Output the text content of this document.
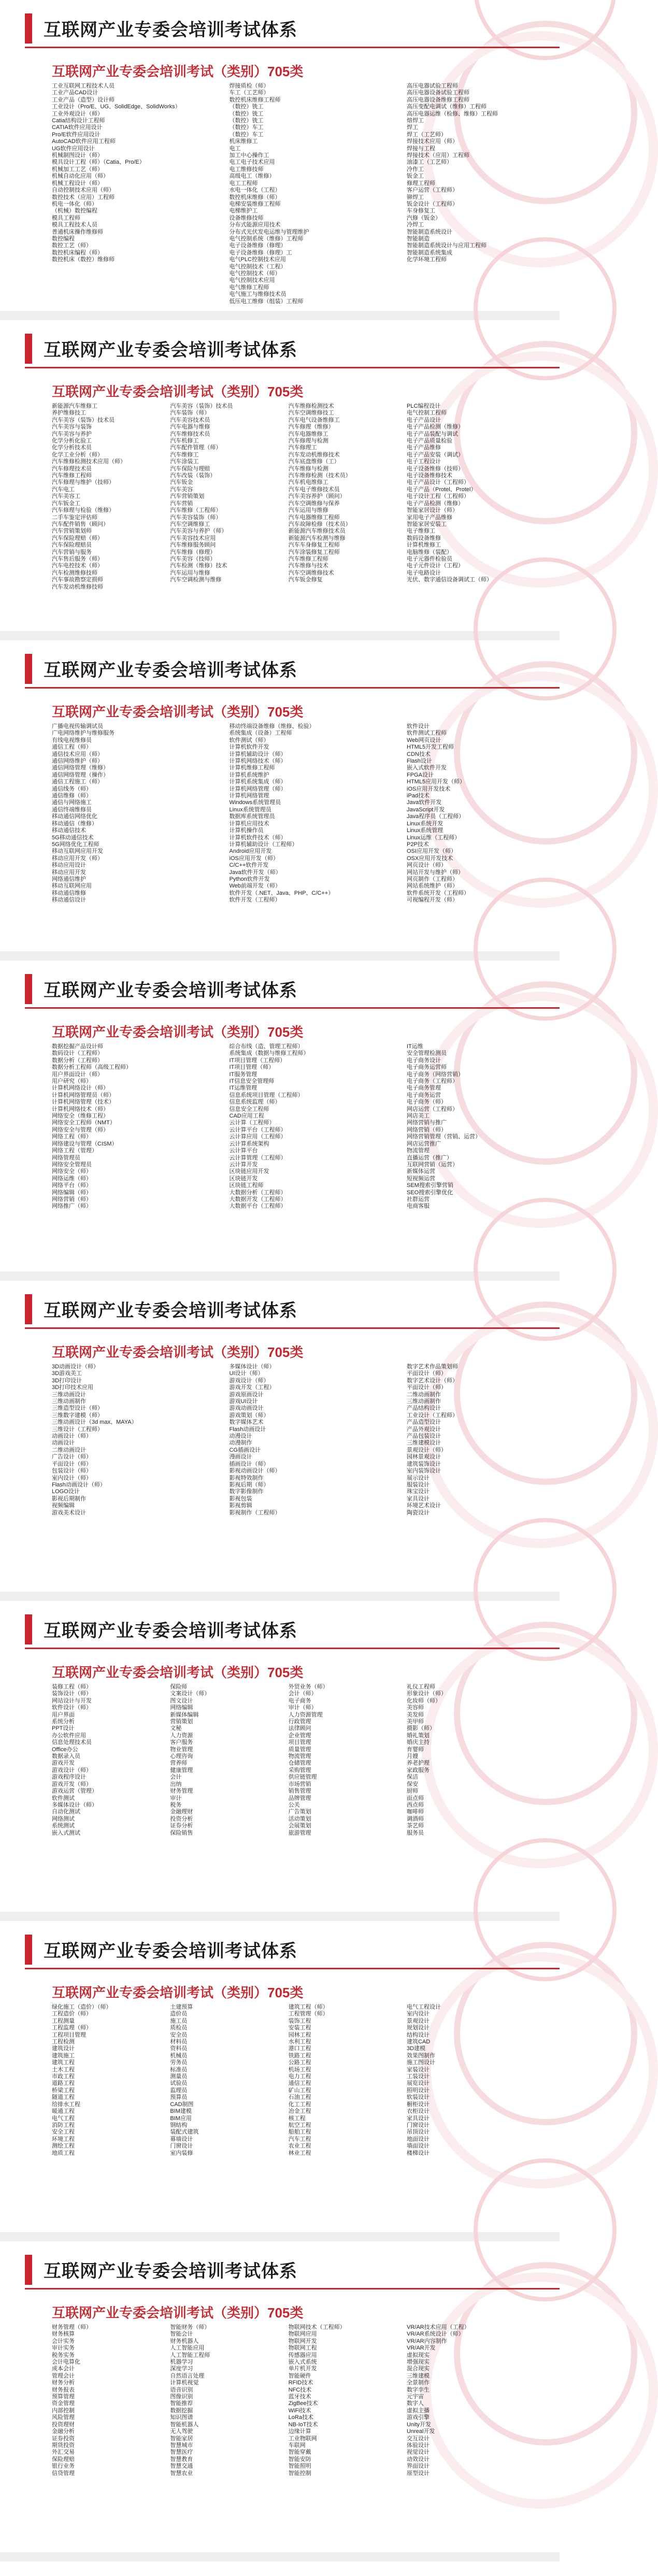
互联网产业专委会培训考试体系
互联网产业专委会培训考试（类别）705类
工业互联网工程技术人员
工业产品CAD设计
工业产品（造型）设计师
工业设计（Pro/E、UG、SolidEdge、SolidWorks）
工业外观设计（师）
Catia结构设计工程师
CATIA软件应用设计
Pro/E软件应用设计
AutoCAD软件应用工程师
UG软件应用设计
机械制图设计（师）
模具设计工程（师）（Catia、Pro/E）
机械加工工艺（师）
机械自动化应用（师）
机械工程设计（师）
自动控制技术应用（师）
数控技术（应用）工程师
机电一体化（师）
（机械）数控编程
模具工程师
模具工程技术人员
普通机床操作维修师
数控编程
数控工艺（师）
数控机床编程（师）
数控机床（数控）维修师
焊接质检（师）
车工（工艺师）
数控机床维修工程师
（数控）铣工
（数控）铣工
（数控）铣工
（数控）车工
（数控）车工
机床维修工
电工
加工中心操作工
电工电子技术应用
电工维修技师
高级电工（维修）
电工工程师
水电一体化（工程）
数控机床维修（师）
电梯安装维修工程师
电梯维护工
设备维修技师
分布式能源应用技术
分布式光伏发电运维与管理维护
电气控制系统（维修）工程师
电子设备维修（修理）
电子设备维修（修理）工
电气PLC控制技术应用
电气控制技术（工程）
电气控制技术（师）
电气控制技术应用
电气维修工程师
电气施工与维修技术员
低压电工维修（组装）工程师
高压电器试验工程师
高压电器设备试验工程师
高压电器设备维修工程师
高压变配电调试（维修）工程师
高压电器运维（检修、维修）工程师
熔焊工
焊工
焊工（工艺师）
焊接技术应用（师）
焊接与工程
焊接技术（应用）工程师
油漆工（工艺师）
冷作工
钣金工
修理工程师
客户运营（工程师）
铆焊工
钣金设计（工程师）
车身修复工
汽修（钣金）
冷焊工
智能制造系统设计
智能制造
智能制造系统设计与应用工程师
智能制造系统集成
化学环境工程师
互联网产业专委会培训考试体系
互联网产业专委会培训考试（类别）705类
新能源汽车维修工
养护维修技工
汽车美容（装饰）技术员
汽车美容与装饰
汽车美容与养护
化学分析化验工
化学分析技术员
化学工业分析（师）
汽车维修检测技术应用（师）
汽车修理技术员
汽车维修工程师
汽车修理与维护（技师）
汽车电工
汽车美容工
汽车钣金工
汽车修理与检验（维修）
二手车鉴定评估师
汽车配件销售（顾问）
汽车营销策划师
汽车保险理赔（师）
汽车保险理赔员
汽车营销与服务
汽车售后服务（师）
汽车电控技术（师）
汽车检测维修技师
汽车事故勘察定损师
汽车发动机维修技师
汽车美容（装饰）技术员
汽车装饰（师）
汽车美容技术员
汽车电器与维修
汽车维修技术员
汽车机修工
汽车配件管理（师）
汽车维修工
汽车涂装工
汽车保险与理赔
汽车改装（装饰）
汽车钣金
汽车美容
汽车营销策划
汽车营销
汽车维修（工程师）
汽车美容装饰（师）
汽车空调维修工
汽车美容与养护（师）
汽车美容技术应用
汽车维修服务顾问
汽车维修（修理）
汽车美容（技师）
汽车检测（维修）技术
汽车运用与维修
汽车空调检测与维修
汽车维修检测技术
汽车空调维修技工
汽车电气设备维修工
汽车修理（维修）
汽车电器维修工
汽车修理与检测
汽车修理工
汽车发动机维修技术
汽车底盘维修（工）
汽车维修与检测
汽车维修检测（技术员）
汽车机电维修工
汽车电子维修技术员
汽车美容养护（顾问）
汽车空调维修与保养
汽车运用与维修
汽车电器维修工程师
汽车故障检修（技术员）
新能源汽车维修技术员
新能源汽车检测与维修
汽车车身修复工程师
汽车涂装修复工程师
汽车维修工程师
汽车维修与技术
汽车空调维修技术
汽车钣金修复
PLC编程设计
电气控制工程师
电子产品设计
电子产品检测（维修）
电子产品装配与调试
电子产品质量检验
电子产品维修
电子产品安装（调试）
电子工程设计
电子设备维修（技师）
电子设备维修技术
电子产品设计（工程师）
电子产品（Protel、Protel）
电子设计工程（工程师）
电子产品检测（维修）
智能家居设计（师）
家用电子产品维修
智能家居安装工
电子维修工
数码设备维修
计算机维修工
电脑维修（装配）
电子元器件检验员
电子元件设计（工程）
电子电路设计
光伏、数字通信设备调试工（师）
互联网产业专委会培训考试体系
互联网产业专委会培训考试（类别）705类
广播电视传输调试员
广电网络维护与维修服务
有线电视维修员
通信工程（师）
通信技术应用（师）
通信网络维护（师）
通信网络管理（维修）
通信网络管理（操作）
通信工程施工（师）
通信线务（师）
通信维修（师）
通信与网络施工
通信终端维修员
移动通信网络优化
移动通信（维修）
移动通信技术
5G移动通信技术
5G网络优化工程师
移动互联网应用开发
移动应用开发（师）
移动应用设计
移动应用开发
网络通信维护
移动互联网应用
移动通信维修
移动通信设计
移动终端设备维修（维修、检验）
系统集成（设备）工程师
软件测试（师）
计算机软件开发
计算机辅助设计（师）
计算机网络技术（师）
计算机维修工程师
计算机系统维护
计算机系统集成（师）
计算机网络管理（师）
计算机网络管理
Windows系统管理员
Linux系统管理员
数据库系统管理员
计算机应用技术
计算机操作员
计算机软件技术（师）
计算机辅助设计（工程师）
Android应用开发
iOS应用开发（师）
C/C++软件开发
Java软件开发（师）
Python软件开发
Web前端开发（师）
软件开发（.NET、Java、PHP、C/C++）
软件开发（工程师）
软件设计
软件测试工程师
Web网页设计
HTML5开发工程师
CDN技术
Flash设计
嵌入式软件开发
FPGA设计
HTML5应用开发（师）
iOS应用开发技术
iPad技术
Java软件开发
JavaScript开发
Java程序员（工程师）
Linux系统开发
Linux系统管理
Linux运维（工程师）
P2P技术
OSI应用开发（师）
OSX应用开发技术
网页设计（师）
网站开发与维护（师）
网页制作（工程师）
网站系统维护（师）
软件系统开发（工程师）
可视编程开发（师）
互联网产业专委会培训考试体系
互联网产业专委会培训考试（类别）705类
数据挖掘产品设计师
数码设计（工程师）
数据分析（工程师）
数据分析工程师（高级工程师）
用户界面设计（师）
用户研究（师）
计算机网络设计（师）
计算机网络管理员（师）
计算机网络管理（技术）
计算机网络技术（师）
网络安全（维修工程）
网络安全工程师（NMT）
网络安全与管理（师）
网络工程（师）
网络建设与管理（CISM）
网络工程（管理）
网络管理员
网络安全管理员
网络安全（师）
网络运维（师）
网络平台（师）
网络编辑（师）
网络营销（师）
网络推广（师）
综合布线（造、管理工程师）
系统集成（数据与维修工程师）
IT项目管理（工程师）
IT项目管理（师）
IT服务管理
IT信息安全管理师
IT运维管理
信息系统项目管理（工程师）
信息系统监理（师）
信息安全工程师
CAD应用工程
云计算（工程师）
云计算平台（工程师）
云计算应用（工程师）
云计算系统架构
云计算平台
云计算管理（工程师）
云计算开发
区块链应用开发
区块链开发
区块链工程师
大数据分析（工程师）
大数据开发（工程师）
大数据平台（工程师）
IT运维
安全管理检测员
电子商务设计
电子商务运营师
电子商务（网络营销）
电子商务（工程师）
电子商务管理
电子商务运营
电子商务（师）
网店运营（工程师）
网店美工
网络营销与推广
网络营销（师）
网络营销管理（营销、运营）
网店运营推广
物流管理
直播运营（推广）
互联网营销（运营）
新媒体运营
短视频运营
SEM搜索引擎营销
SEO搜索引擎优化
社群运营
电商客服
互联网产业专委会培训考试体系
互联网产业专委会培训考试（类别）705类
3D动画设计（师）
3D游戏美工
3D打印设计
3D打印技术应用
三维动画设计
三维动画制作
三维造型设计（师）
三维数字建模（师）
三维动画设计（3d max、MAYA）
三维设计（工程师）
动画设计（师）
动画设计
二维动画设计
广告设计（师）
平面设计（师）
包装设计（师）
室内设计（师）
Flash动画设计（师）
LOGO设计
影视后期制作
视频编辑
游戏美术设计
多媒体设计（师）
UI设计（师）
游戏设计（师）
游戏开发（工程）
游戏原画设计
游戏UI设计
游戏动画设计
游戏策划（师）
数字媒体艺术
Flash动画设计
动漫设计
动漫制作
CG插画设计
漫画设计
插画设计（师）
影视动画设计（师）
影视特效制作
影视后期（师）
数字影像制作
影视包装
影视剪辑
影视制作（工程师）
数字艺术作品策划师
平面设计（师）
数字艺术设计（师）
平面设计（师）
二维动画制作
三维动画制作
产品结构设计
工业设计（工程师）
产品造型设计
产品外观设计
产品包装设计
三维建模设计
景观设计（师）
园林景观设计
建筑装饰设计
室内装饰设计
展示设计
服装设计
珠宝设计
家具设计
环境艺术设计
陶瓷设计
互联网产业专委会培训考试体系
互联网产业专委会培训考试（类别）705类
装修工程（师）
装饰设计（师）
网站设计与开发
软件设计（师）
用户界面
系统分析
PPT设计
办公软件应用
信息处理技术员
Office办公
数据录入员
游戏开发
游戏设计（师）
游戏程序设计
游戏开发（师）
游戏运营（管理）
软件测试
多媒体设计（师）
自动化测试
网络测试
系统测试
嵌入式测试
保险师
文案设计（师）
图文设计
网络编辑
新媒体编辑
营销策划
文秘
人力资源
客户服务
物业管理
心理咨询
营养师
健康管理
会计
出纳
财务管理
审计
税务
金融理财
投资分析
证券分析
保险销售
外贸业务（师）
会计（师）
电子商务
审计（师）
人力资源管理
行政管理
法律顾问
企业管理
项目管理
质量管理
物流管理
仓储管理
采购管理
供应链管理
市场营销
销售管理
品牌管理
公关
广告策划
活动策划
会展策划
旅游管理
礼仪工程师
形象设计（师）
化妆师（师）
美容师
美发师
美甲师
摄影（师）
婚礼策划
婚庆主持
育婴师
月嫂
养老护理
家政服务
保洁
保安
厨师
面点师
西点师
咖啡师
调酒师
茶艺师
服务员
互联网产业专委会培训考试体系
互联网产业专委会培训考试（类别）705类
绿化施工（造价）（师）
工程造价（师）
工程测量
工程监理（师）
工程项目管理
工程检测
建筑设计
建筑施工
建筑工程
土木工程
市政工程
道路工程
桥梁工程
隧道工程
给排水工程
暖通工程
电气工程
消防工程
安全工程
环境工程
测绘工程
地质工程
土建预算
造价员
施工员
质检员
安全员
材料员
资料员
机械员
劳务员
标准员
测量员
试验员
监理员
预算员
CAD制图
BIM建模
BIM应用
钢结构
装配式建筑
幕墙设计
门窗设计
室内装修
建筑工程（师）
工程管理（师）
装饰工程
安装工程
园林工程
水利工程
港口工程
铁路工程
公路工程
机场工程
电力工程
通信工程
矿山工程
石油工程
化工工程
冶金工程
核工程
航空工程
船舶工程
汽车工程
农业工程
林业工程
电气工程设计
室内设计
景观设计
规划设计
结构设计
建筑CAD
3D建模
效果图制作
施工图设计
家装设计
工装设计
展览设计
照明设计
软装设计
橱柜设计
衣柜设计
家具设计
门窗设计
吊顶设计
地面设计
墙面设计
楼梯设计
互联网产业专委会培训考试体系
互联网产业专委会培训考试（类别）705类
财务管理（师）
财务核算
会计实务
审计实务
税务实务
会计电算化
成本会计
管理会计
财务分析
财务报表
预算管理
资金管理
内部控制
风险管理
投资理财
金融分析
证券投资
期货投资
外汇交易
保险理赔
银行业务
信贷管理
智能财务（师）
智能会计
财务机器人
人工智能应用
人工智能工程师
机器学习
深度学习
自然语言处理
计算机视觉
语音识别
图像识别
智能推荐
数据挖掘
知识图谱
智能机器人
无人驾驶
智能家居
智慧城市
智慧医疗
智慧教育
智慧交通
智慧农业
物联网技术（工程师）
物联网应用
物联网开发
物联网工程
传感器应用
嵌入式系统
单片机开发
智能硬件
RFID技术
NFC技术
蓝牙技术
ZigBee技术
WiFi技术
LoRa技术
NB-IoT技术
边缘计算
工业物联网
车联网
智能穿戴
智能安防
智能照明
智能控制
VR/AR技术应用（工程）
VR/AR系统设计（师）
VR/AR内容制作
VR/AR开发
虚拟现实
增强现实
混合现实
三维建模
全景制作
数字孪生
元宇宙
数字人
虚拟主播
游戏引擎
Unity开发
Unreal开发
交互设计
体验设计
视觉设计
动效设计
界面设计
原型设计
